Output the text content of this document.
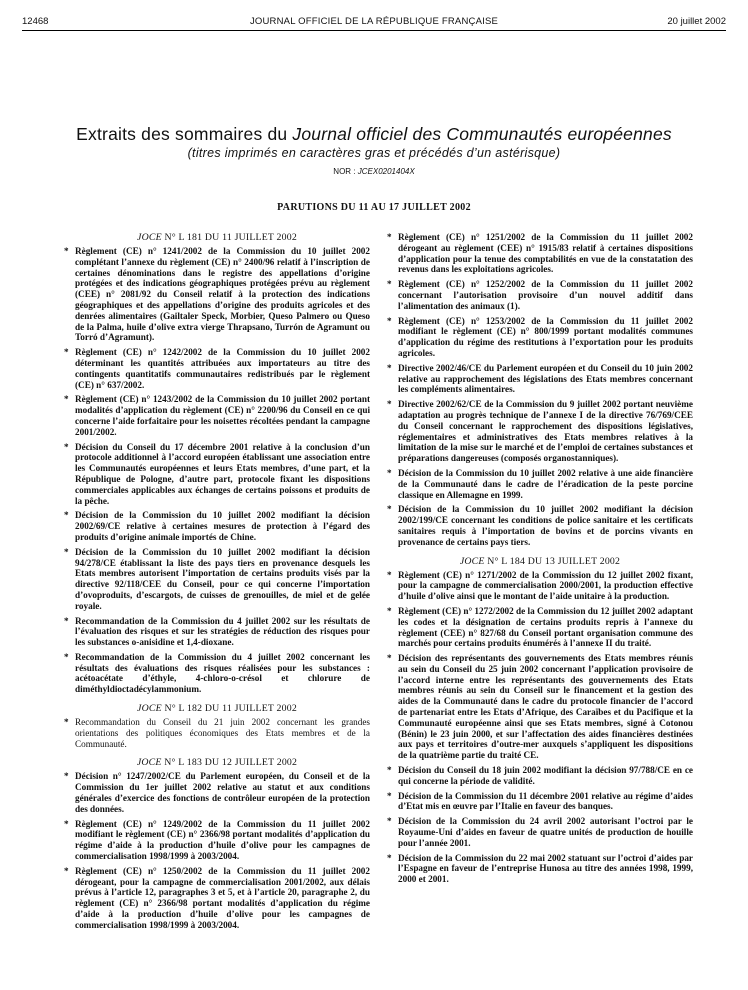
12468	JOURNAL OFFICIEL DE LA RÉPUBLIQUE FRANÇAISE	20 juillet 2002
Extraits des sommaires du Journal officiel des Communautés européennes
(titres imprimés en caractères gras et précédés d’un astérisque)
NOR : JCEX0201404X
PARUTIONS DU 11 AU 17 JUILLET 2002
JOCE N° L 181 DU 11 JUILLET 2002
* Règlement (CE) n° 1241/2002 de la Commission du 10 juillet 2002 complétant l’annexe du règlement (CE) n° 2400/96 relatif à l’inscription de certaines dénominations dans le registre des appellations d’origine protégées et des indications géographiques protégées prévu au règlement (CEE) n° 2081/92 du Conseil relatif à la protection des indications géographiques et des appellations d’origine des produits agricoles et des denrées alimentaires (Gailtaler Speck, Morbier, Queso Palmero ou Queso de la Palma, huile d’olive extra vierge Thrapsano, Turrón de Agramunt ou Torró d’Agramunt).
* Règlement (CE) n° 1242/2002 de la Commission du 10 juillet 2002 déterminant les quantités attribuées aux importateurs au titre des contingents quantitatifs communautaires redistribués par le règlement (CE) n° 637/2002.
* Règlement (CE) n° 1243/2002 de la Commission du 10 juillet 2002 portant modalités d’application du règlement (CE) n° 2200/96 du Conseil en ce qui concerne l’aide forfaitaire pour les noisettes récoltées pendant la campagne 2001/2002.
* Décision du Conseil du 17 décembre 2001 relative à la conclusion d’un protocole additionnel à l’accord européen établissant une association entre les Communautés européennes et leurs Etats membres, d’une part, et la République de Pologne, d’autre part, protocole fixant les dispositions commerciales applicables aux échanges de certains poissons et produits de la pêche.
* Décision de la Commission du 10 juillet 2002 modifiant la décision 2002/69/CE relative à certaines mesures de protection à l’égard des produits d’origine animale importés de Chine.
* Décision de la Commission du 10 juillet 2002 modifiant la décision 94/278/CE établissant la liste des pays tiers en provenance desquels les Etats membres autorisent l’importation de certains produits visés par la directive 92/118/CEE du Conseil, pour ce qui concerne l’importation d’ovoproduits, d’escargots, de cuisses de grenouilles, de miel et de gelée royale.
* Recommandation de la Commission du 4 juillet 2002 sur les résultats de l’évaluation des risques et sur les stratégies de réduction des risques pour les substances o-anisidine et 1,4-dioxane.
* Recommandation de la Commission du 4 juillet 2002 concernant les résultats des évaluations des risques réalisées pour les substances : acétoacétate d’éthyle, 4-chloro-o-crésol et chlorure de diméthyldioctadécylammonium.
JOCE N° L 182 DU 11 JUILLET 2002
* Recommandation du Conseil du 21 juin 2002 concernant les grandes orientations des politiques économiques des Etats membres et de la Communauté.
JOCE N° L 183 DU 12 JUILLET 2002
* Décision n° 1247/2002/CE du Parlement européen, du Conseil et de la Commission du 1er juillet 2002 relative au statut et aux conditions générales d’exercice des fonctions de contrôleur européen de la protection des données.
* Règlement (CE) n° 1249/2002 de la Commission du 11 juillet 2002 modifiant le règlement (CE) n° 2366/98 portant modalités d’application du régime d’aide à la production d’huile d’olive pour les campagnes de commercialisation 1998/1999 à 2003/2004.
* Règlement (CE) n° 1250/2002 de la Commission du 11 juillet 2002 dérogeant, pour la campagne de commercialisation 2001/2002, aux délais prévus à l’article 12, paragraphes 3 et 5, et à l’article 20, paragraphe 2, du règlement (CE) n° 2366/98 portant modalités d’application du régime d’aide à la production d’huile d’olive pour les campagnes de commercialisation 1998/1999 à 2003/2004.
* Règlement (CE) n° 1251/2002 de la Commission du 11 juillet 2002 dérogeant au règlement (CEE) n° 1915/83 relatif à certaines dispositions d’application pour la tenue des comptabilités en vue de la constatation des revenus dans les exploitations agricoles.
* Règlement (CE) n° 1252/2002 de la Commission du 11 juillet 2002 concernant l’autorisation provisoire d’un nouvel additif dans l’alimentation des animaux (1).
* Règlement (CE) n° 1253/2002 de la Commission du 11 juillet 2002 modifiant le règlement (CE) n° 800/1999 portant modalités communes d’application du régime des restitutions à l’exportation pour les produits agricoles.
* Directive 2002/46/CE du Parlement européen et du Conseil du 10 juin 2002 relative au rapprochement des législations des Etats membres concernant les compléments alimentaires.
* Directive 2002/62/CE de la Commission du 9 juillet 2002 portant neuvième adaptation au progrès technique de l’annexe I de la directive 76/769/CEE du Conseil concernant le rapprochement des dispositions législatives, réglementaires et administratives des Etats membres relatives à la limitation de la mise sur le marché et de l’emploi de certaines substances et préparations dangereuses (composés organostanniques).
* Décision de la Commission du 10 juillet 2002 relative à une aide financière de la Communauté dans le cadre de l’éradication de la peste porcine classique en Allemagne en 1999.
* Décision de la Commission du 10 juillet 2002 modifiant la décision 2002/199/CE concernant les conditions de police sanitaire et les certificats sanitaires requis à l’importation de bovins et de porcins vivants en provenance de certains pays tiers.
JOCE N° L 184 DU 13 JUILLET 2002
* Règlement (CE) n° 1271/2002 de la Commission du 12 juillet 2002 fixant, pour la campagne de commercialisation 2000/2001, la production effective d’huile d’olive ainsi que le montant de l’aide unitaire à la production.
* Règlement (CE) n° 1272/2002 de la Commission du 12 juillet 2002 adaptant les codes et la désignation de certains produits repris à l’annexe du règlement (CEE) n° 827/68 du Conseil portant organisation commune des marchés pour certains produits énumérés à l’annexe II du traité.
* Décision des représentants des gouvernements des Etats membres réunis au sein du Conseil du 25 juin 2002 concernant l’application provisoire de l’accord interne entre les représentants des gouvernements des Etats membres réunis au sein du Conseil sur le financement et la gestion des aides de la Communauté dans le cadre du protocole financier de l’accord de partenariat entre les Etats d’Afrique, des Caraïbes et du Pacifique et la Communauté européenne ainsi que ses Etats membres, signé à Cotonou (Bénin) le 23 juin 2000, et sur l’affectation des aides financières destinées aux pays et territoires d’outre-mer auxquels s’appliquent les dispositions de la quatrième partie du traité CE.
* Décision du Conseil du 18 juin 2002 modifiant la décision 97/788/CE en ce qui concerne la période de validité.
* Décision de la Commission du 11 décembre 2001 relative au régime d’aides d’Etat mis en œuvre par l’Italie en faveur des banques.
* Décision de la Commission du 24 avril 2002 autorisant l’octroi par le Royaume-Uni d’aides en faveur de quatre unités de production de houille pour l’année 2001.
* Décision de la Commission du 22 mai 2002 statuant sur l’octroi d’aides par l’Espagne en faveur de l’entreprise Hunosa au titre des années 1998, 1999, 2000 et 2001.
